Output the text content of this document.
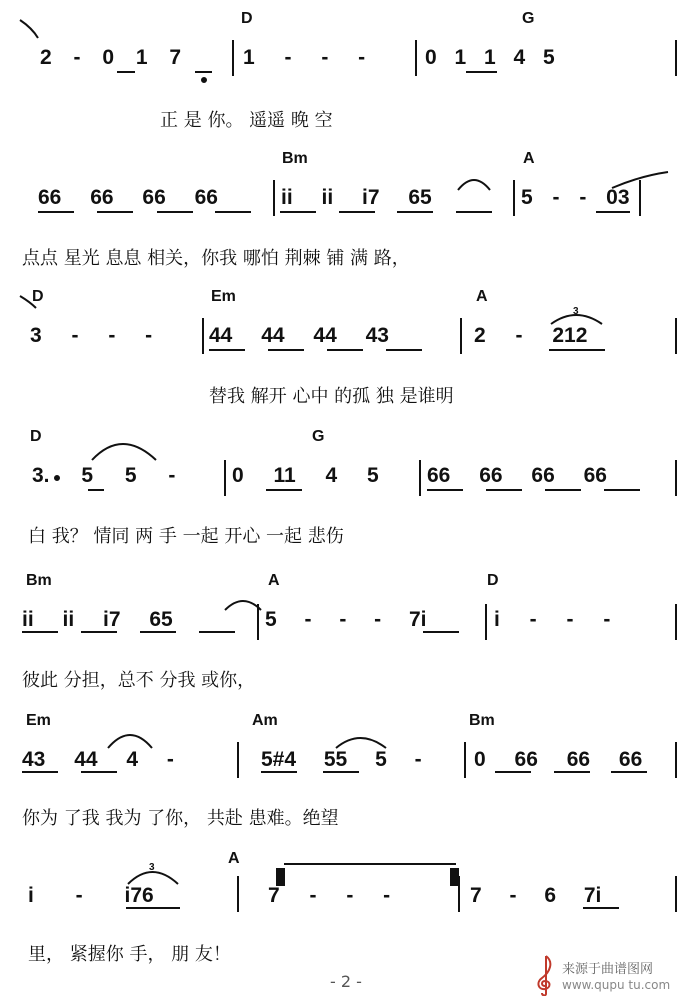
3
3
D	G
2 - 0 1 7	1 - - -	0 1 1 4 5
正 是 你。 遥遥 晚 空
Bm	A
66 66 66 66	ii ii i7 65	5 - - 03
点点 星光 息息 相关，你我 哪怕 荆棘 铺 满 路，
D	Em	A
3 - - -	44 44 44 43	2 - 212
替我 解开 心中 的孤 独 是谁明
D	G
3. 5 5 -	0 11 4 5 66 66 66 66
白 我？ 情同 两 手 一起 开心 一起 悲伤
Bm	A	D
ii ii i7 65	5 - - - 7i	i - - -
彼此 分担，总不 分我 或你，
Em	Am	Bm
43 44 4 -	5#4 55 5 - 0 66 66 66
你为 了我 我为 了你， 共赴 患难。绝望
A
i - i76	7 - - -	7 - 6 7i
里， 紧握你 手， 朋 友！
- 2 -
来源于曲谱图网
www.qupu tu.com
